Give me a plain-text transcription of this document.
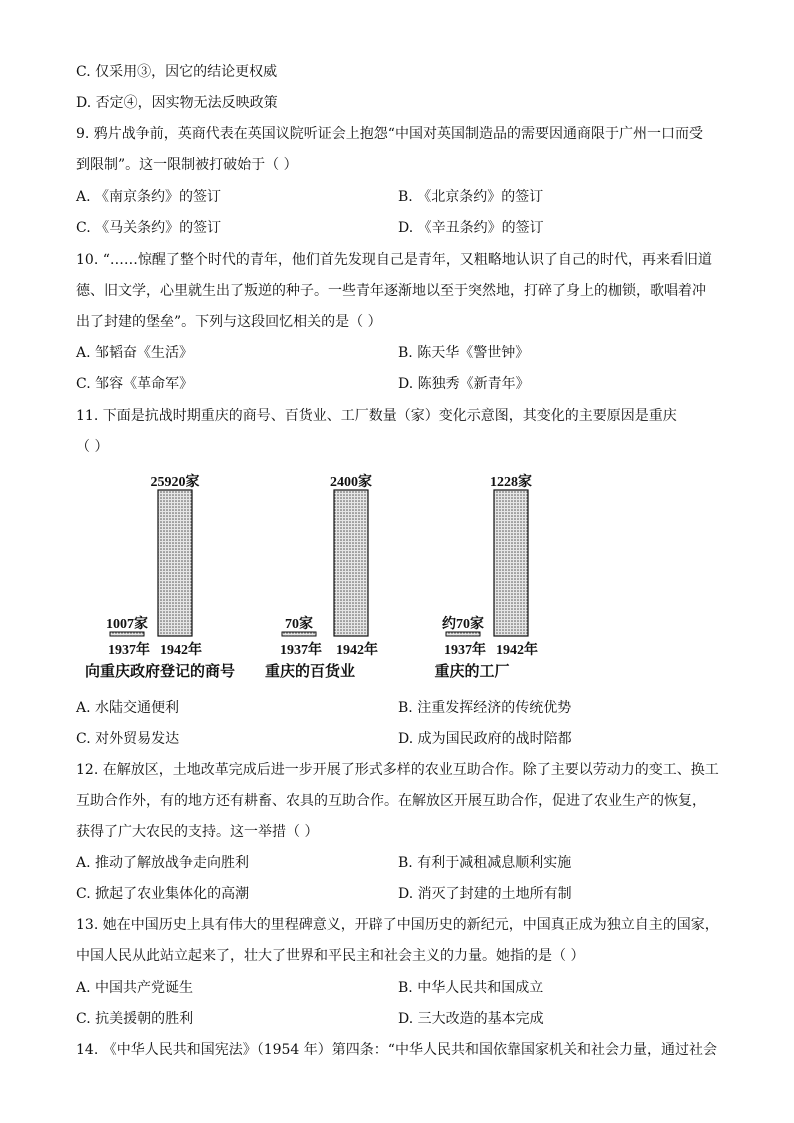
C. 仅采用③，因它的结论更权威
D. 否定④，因实物无法反映政策
9. 鸦片战争前，英商代表在英国议院听证会上抱怨“中国对英国制造品的需要因通商限于广州一口而受
到限制”。这一限制被打破始于（ ）
A. 《南京条约》的签订	B. 《北京条约》的签订
C. 《马关条约》的签订	D. 《辛丑条约》的签订
10. “……惊醒了整个时代的青年，他们首先发现自己是青年，又粗略地认识了自己的时代，再来看旧道
德、旧文学，心里就生出了叛逆的种子。一些青年逐渐地以至于突然地，打碎了身上的枷锁，歌唱着冲
出了封建的堡垒”。下列与这段回忆相关的是（ ）
A. 邹韬奋《生活》	B. 陈天华《警世钟》
C. 邹容《革命军》	D. 陈独秀《新青年》
11. 下面是抗战时期重庆的商号、百货业、工厂数量（家）变化示意图，其变化的主要原因是重庆
（ ）
1007家
25920家
1937年 1942年
向重庆政府登记的商号
70家
2400家
1937年 1942年
重庆的百货业
约70家
1228家
1937年 1942年
重庆的工厂
A. 水陆交通便利	B. 注重发挥经济的传统优势
C. 对外贸易发达	D. 成为国民政府的战时陪都
12. 在解放区，土地改革完成后进一步开展了形式多样的农业互助合作。除了主要以劳动力的变工、换工
互助合作外，有的地方还有耕畜、农具的互助合作。在解放区开展互助合作，促进了农业生产的恢复，
获得了广大农民的支持。这一举措（ ）
A. 推动了解放战争走向胜利	B. 有利于减租减息顺利实施
C. 掀起了农业集体化的高潮	D. 消灭了封建的土地所有制
13. 她在中国历史上具有伟大的里程碑意义，开辟了中国历史的新纪元，中国真正成为独立自主的国家，
中国人民从此站立起来了，壮大了世界和平民主和社会主义的力量。她指的是（ ）
A. 中国共产党诞生	B. 中华人民共和国成立
C. 抗美援朝的胜利	D. 三大改造的基本完成
14. 《中华人民共和国宪法》（1954 年）第四条：“中华人民共和国依靠国家机关和社会力量，通过社会
